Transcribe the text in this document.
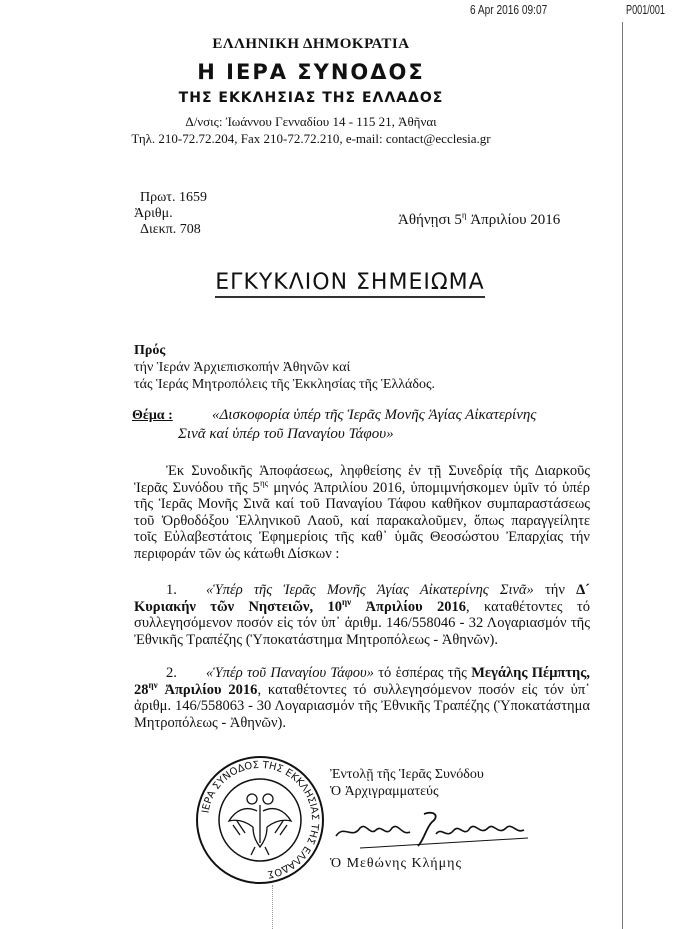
6 Apr 2016 09:07	P001/001
ΕΛΛΗΝΙΚΗ ΔΗΜΟΚΡΑΤΙΑ
Η ΙΕΡΑ ΣΥΝΟΔΟΣ
ΤΗΣ ΕΚΚΛΗΣΙΑΣ ΤΗΣ ΕΛΛΑΔΟΣ
Δ/νσις: Ἰωάννου Γενναδίου 14 - 115 21, Ἀθῆναι
Τηλ. 210-72.72.204, Fax 210-72.72.210, e-mail: contact@ecclesia.gr
Πρωτ. 1659
Ἀριθμ.
Διεκπ. 708
Ἀθήνῃσι $5^\eta$ Ἀπριλίου 2016
ΕΓΚΥΚΛΙΟΝ ΣΗΜΕΙΩΜΑ
Πρός
τήν Ἱεράν Ἀρχιεπισκοπήν Ἀθηνῶν καί
τάς Ἱεράς Μητροπόλεις τῆς Ἐκκλησίας τῆς Ἑλλάδος.
Θέμα :	«Δισκοφορία ὑπέρ τῆς Ἱερᾶς Μονῆς Ἁγίας Αἰκατερίνης
Σινᾶ καί ὑπέρ τοῦ Παναγίου Τάφου»
Ἐκ Συνοδικῆς Ἀποφάσεως, ληφθείσης ἐν τῇ Συνεδρίᾳ τῆς Διαρκοῦς Ἱερᾶς Συνόδου τῆς $5^{\eta\varsigma}$ μηνός Ἀπριλίου 2016, ὑπομιμνήσκομεν ὑμῖν τό ὑπέρ τῆς Ἱερᾶς Μονῆς Σινᾶ καί τοῦ Παναγίου Τάφου καθῆκον συμπαραστάσεως τοῦ Ὀρθοδόξου Ἑλληνικοῦ Λαοῦ, καί παρακαλοῦμεν, ὅπως παραγγείλητε τοῖς Εὐλαβεστάτοις Ἐφημερίοις τῆς καθ᾽ ὑμᾶς Θεοσώστου Ἐπαρχίας τήν περιφοράν τῶν ὡς κάτωθι Δίσκων :
1. «Ὑπέρ τῆς Ἱερᾶς Μονῆς Ἁγίας Αἰκατερίνης Σινᾶ» τήν Δ´ Κυριακήν τῶν Νηστειῶν, $10^{\eta\nu}$ Ἀπριλίου 2016, καταθέτοντες τό συλλεγησόμενον ποσόν εἰς τόν ὑπ᾽ ἀριθμ. 146/558046 - 32 Λογαριασμόν τῆς Ἐθνικῆς Τραπέζης (Ὑποκατάστημα Μητροπόλεως - Ἀθηνῶν).
2. «Ὑπέρ τοῦ Παναγίου Τάφου» τό ἑσπέρας τῆς Μεγάλης Πέμπτης, $28^{\eta\nu}$ Ἀπριλίου 2016, καταθέτοντες τό συλλεγησόμενον ποσόν εἰς τόν ὑπ᾽ ἀριθμ. 146/558063 - 30 Λογαριασμόν τῆς Ἐθνικῆς Τραπέζης (Ὑποκατάστημα Μητροπόλεως - Ἀθηνῶν).
Ἐντολῇ τῆς Ἱερᾶς Συνόδου
Ὁ Ἀρχιγραμματεύς
Ὁ Μεθώνης Κλήμης
ΙΕΡΑ ΣΥΝΟΔΟΣ ΤΗΣ ΕΚΚΛΗΣΙΑΣ ΤΗΣ ΕΛΛΑΔΟΣ
